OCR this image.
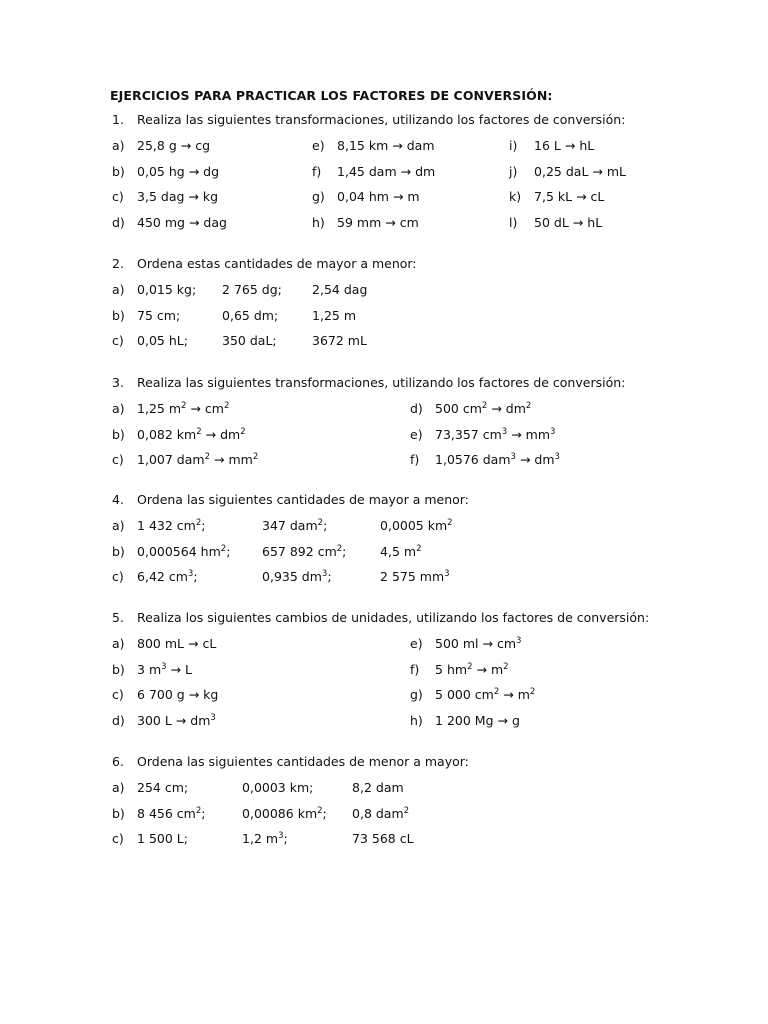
EJERCICIOS PARA PRACTICAR LOS FACTORES DE CONVERSIÓN:
1. Realiza las siguientes transformaciones, utilizando los factores de conversión:
a) 25,8 g → cg	e) 8,15 km → dam	i) 16 L → hL
b) 0,05 hg → dg	f) 1,45 dam → dm	j) 0,25 daL → mL
c) 3,5 dag → kg	g) 0,04 hm → m	k) 7,5 kL → cL
d) 450 mg → dag	h) 59 mm → cm	l) 50 dL → hL
2. Ordena estas cantidades de mayor a menor:
a) 0,015 kg; 2 765 dg; 2,54 dag
b) 75 cm;	0,65 dm;	1,25 m
c) 0,05 hL;	350 daL;	3672 mL
3. Realiza las siguientes transformaciones, utilizando los factores de conversión:
a) 1,25 $m^2 \to cm^2$	d) 500 $cm^2 \to dm^2$
b) 0,082 $km^2 \to dm^2$	e) 73,357 $cm^3 \to mm^3$
c) 1,007 $dam^2 \to mm^2$	f) 1,0576 $dam^3 \to dm^3$
4. Ordena las siguientes cantidades de mayor a menor:
a) 1 432 $cm^2$;	347 dam$^2$;	0,0005 $km^2$
b) 0,000564 $hm^2$;	657 892 $cm^2$;	4,5 $m^2$
c) 6,42 $cm^3$;	0,935 $dm^3$;	2 575 $mm^3$
5. Realiza los siguientes cambios de unidades, utilizando los factores de conversión:
a) 800 mL → cL	e) 500 ml → $cm^3$
b) 3 $m^3 \to L$	f) 5 $hm^2 \to m^2$
c) 6 700 g → kg	g) 5 000 $cm^2 \to m^2$
d) 300 $L \to dm^3$	h) 1 200 Mg → g
6. Ordena las siguientes cantidades de menor a mayor:
a) 254 cm;	0,0003 km;	8,2 dam
b) 8 456 $cm^2$;	0,00086 $km^2$; 0,8 dam$^2$
c) 1 500 L;	1,2 $m^3$;	73 568 cL
